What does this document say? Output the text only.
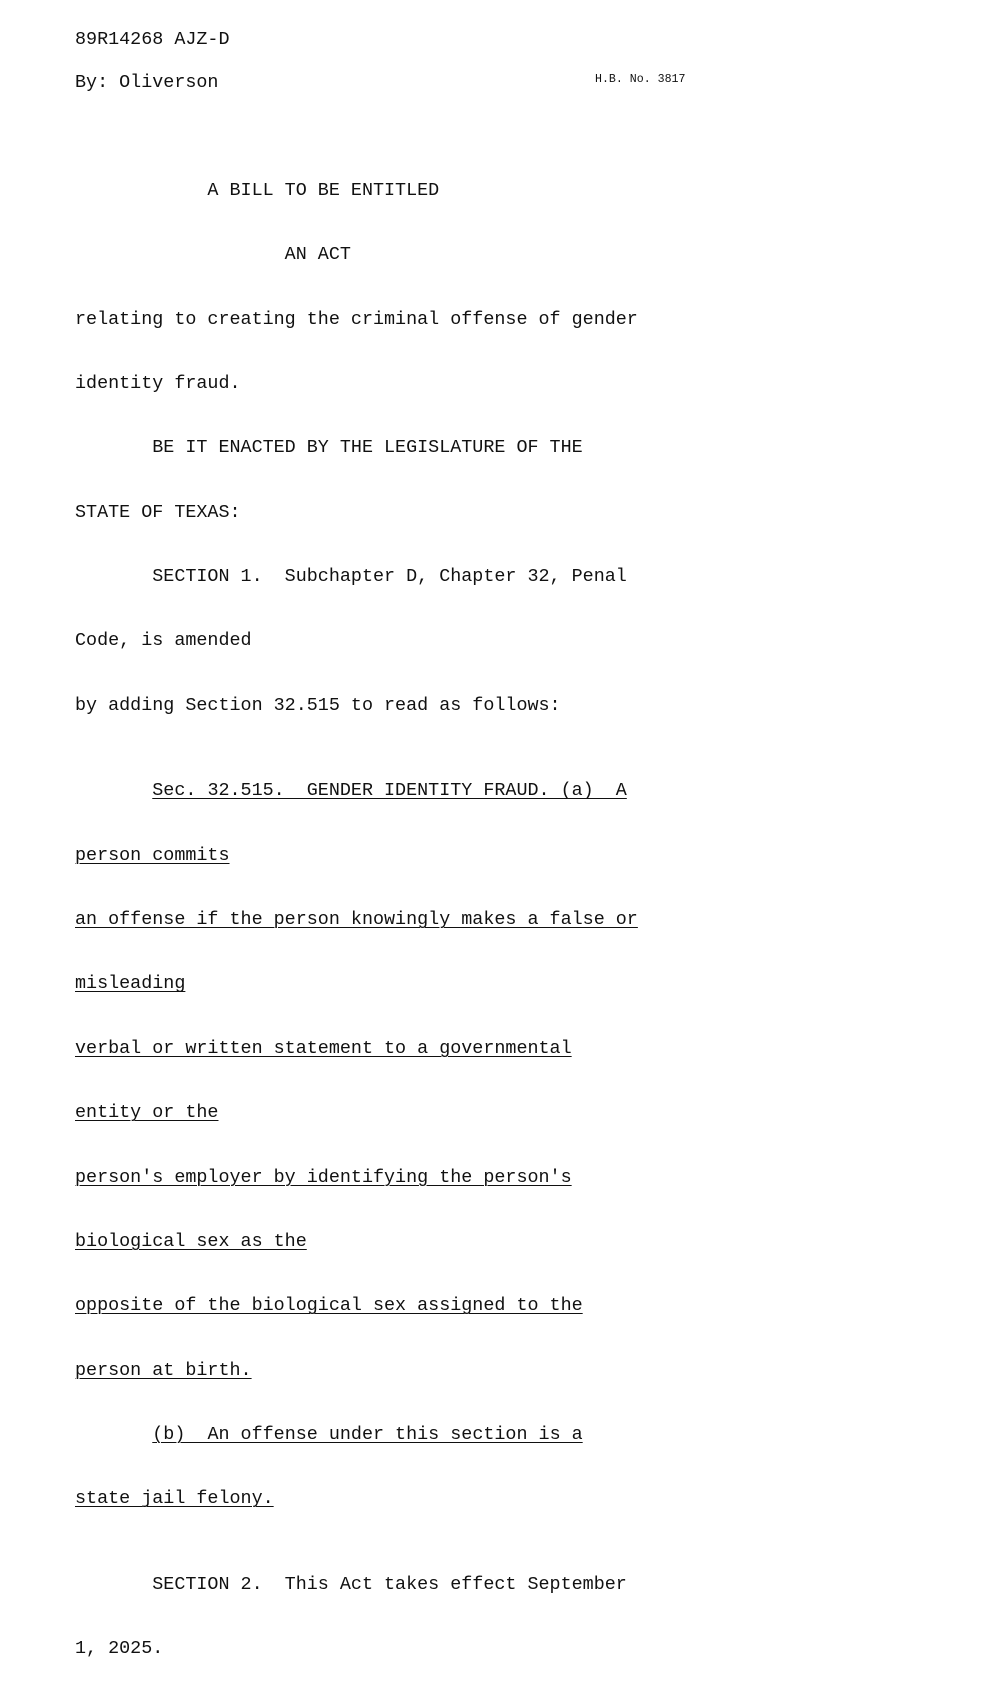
89R14268 AJZ-D
By: Oliverson	H.B. No. 3817

A BILL TO BE ENTITLED

AN ACT

relating to creating the criminal offense of gender

identity fraud.

BE IT ENACTED BY THE LEGISLATURE OF THE

STATE OF TEXAS:

SECTION 1.  Subchapter D, Chapter 32, Penal

Code, is amended

by adding Section 32.515 to read as follows:

Sec. 32.515.  GENDER IDENTITY FRAUD. (a)  A

person commits

an offense if the person knowingly makes a false or

misleading

verbal or written statement to a governmental

entity or the

person's employer by identifying the person's

biological sex as the

opposite of the biological sex assigned to the

person at birth.

(b)  An offense under this section is a

state jail felony.

SECTION 2.  This Act takes effect September

1, 2025.
